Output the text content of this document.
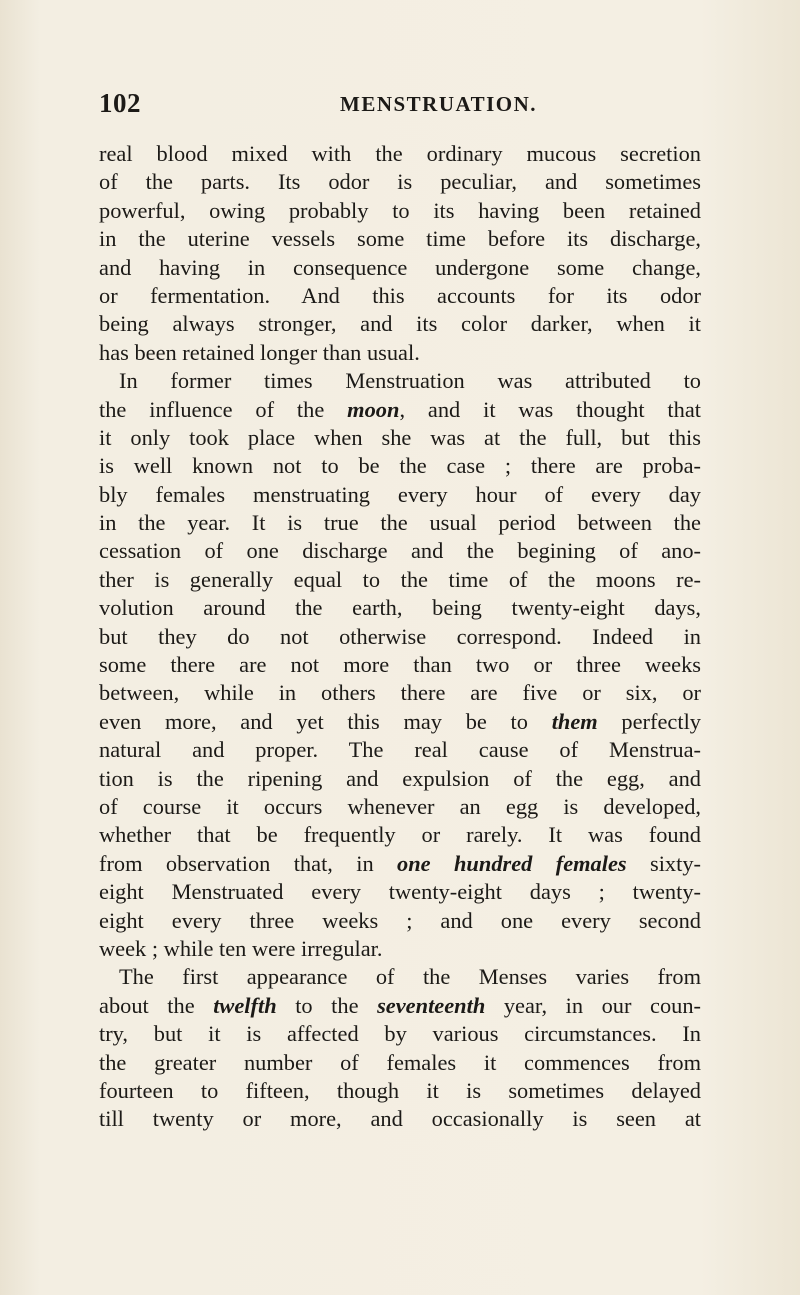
102	MENSTRUATION.
real blood mixed with the ordinary mucous secretion
of the parts. Its odor is peculiar, and sometimes
powerful, owing probably to its having been retained
in the uterine vessels some time before its discharge,
and having in consequence undergone some change,
or fermentation. And this accounts for its odor
being always stronger, and its color darker, when it
has been retained longer than usual.
In former times Menstruation was attributed to
the influence of the moon, and it was thought that
it only took place when she was at the full, but this
is well known not to be the case ; there are proba-
bly females menstruating every hour of every day
in the year. It is true the usual period between the
cessation of one discharge and the begining of ano-
ther is generally equal to the time of the moons re-
volution around the earth, being twenty-eight days,
but they do not otherwise correspond. Indeed in
some there are not more than two or three weeks
between, while in others there are five or six, or
even more, and yet this may be to them perfectly
natural and proper. The real cause of Menstrua-
tion is the ripening and expulsion of the egg, and
of course it occurs whenever an egg is developed,
whether that be frequently or rarely. It was found
from observation that, in one hundred females sixty-
eight Menstruated every twenty-eight days ; twenty-
eight every three weeks ; and one every second
week ; while ten were irregular.
The first appearance of the Menses varies from
about the twelfth to the seventeenth year, in our coun-
try, but it is affected by various circumstances. In
the greater number of females it commences from
fourteen to fifteen, though it is sometimes delayed
till twenty or more, and occasionally is seen at
